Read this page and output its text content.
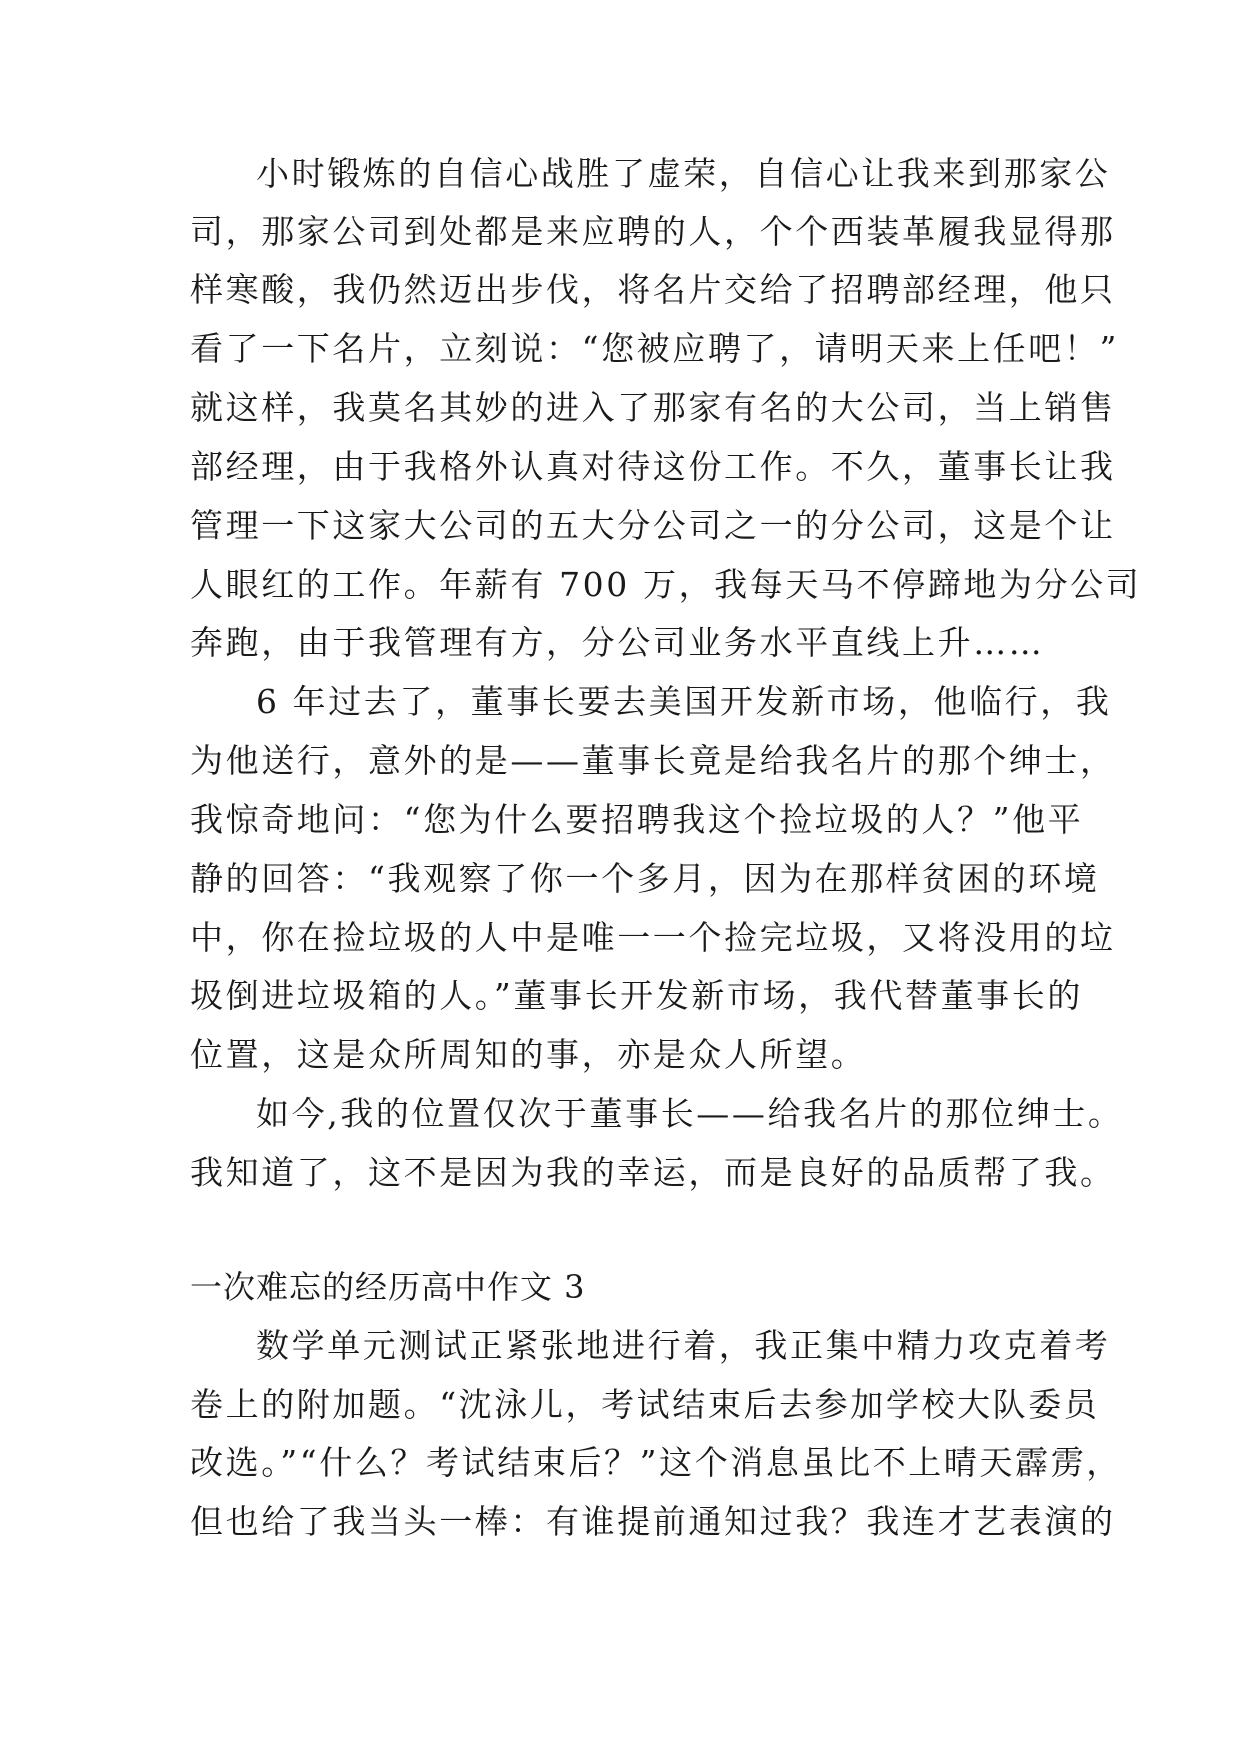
小时锻炼的自信心战胜了虚荣，自信心让我来到那家公
司，那家公司到处都是来应聘的人，个个西装革履我显得那
样寒酸，我仍然迈出步伐，将名片交给了招聘部经理，他只
看了一下名片，立刻说：“您被应聘了，请明天来上任吧！”
就这样，我莫名其妙的进入了那家有名的大公司，当上销售
部经理，由于我格外认真对待这份工作。不久，董事长让我
管理一下这家大公司的五大分公司之一的分公司，这是个让
人眼红的工作。年薪有 700 万，我每天马不停蹄地为分公司
奔跑，由于我管理有方，分公司业务水平直线上升……
6 年过去了，董事长要去美国开发新市场，他临行，我
为他送行，意外的是——董事长竟是给我名片的那个绅士，
我惊奇地问：“您为什么要招聘我这个捡垃圾的人？”他平
静的回答：“我观察了你一个多月，因为在那样贫困的环境
中，你在捡垃圾的人中是唯一一个捡完垃圾，又将没用的垃
圾倒进垃圾箱的人。”董事长开发新市场，我代替董事长的
位置，这是众所周知的事，亦是众人所望。
如今,我的位置仅次于董事长——给我名片的那位绅士。
我知道了，这不是因为我的幸运，而是良好的品质帮了我。
一次难忘的经历高中作文 3
数学单元测试正紧张地进行着，我正集中精力攻克着考
卷上的附加题。“沈泳儿，考试结束后去参加学校大队委员
改选。”“什么？考试结束后？”这个消息虽比不上晴天霹雳，
但也给了我当头一棒：有谁提前通知过我？我连才艺表演的
